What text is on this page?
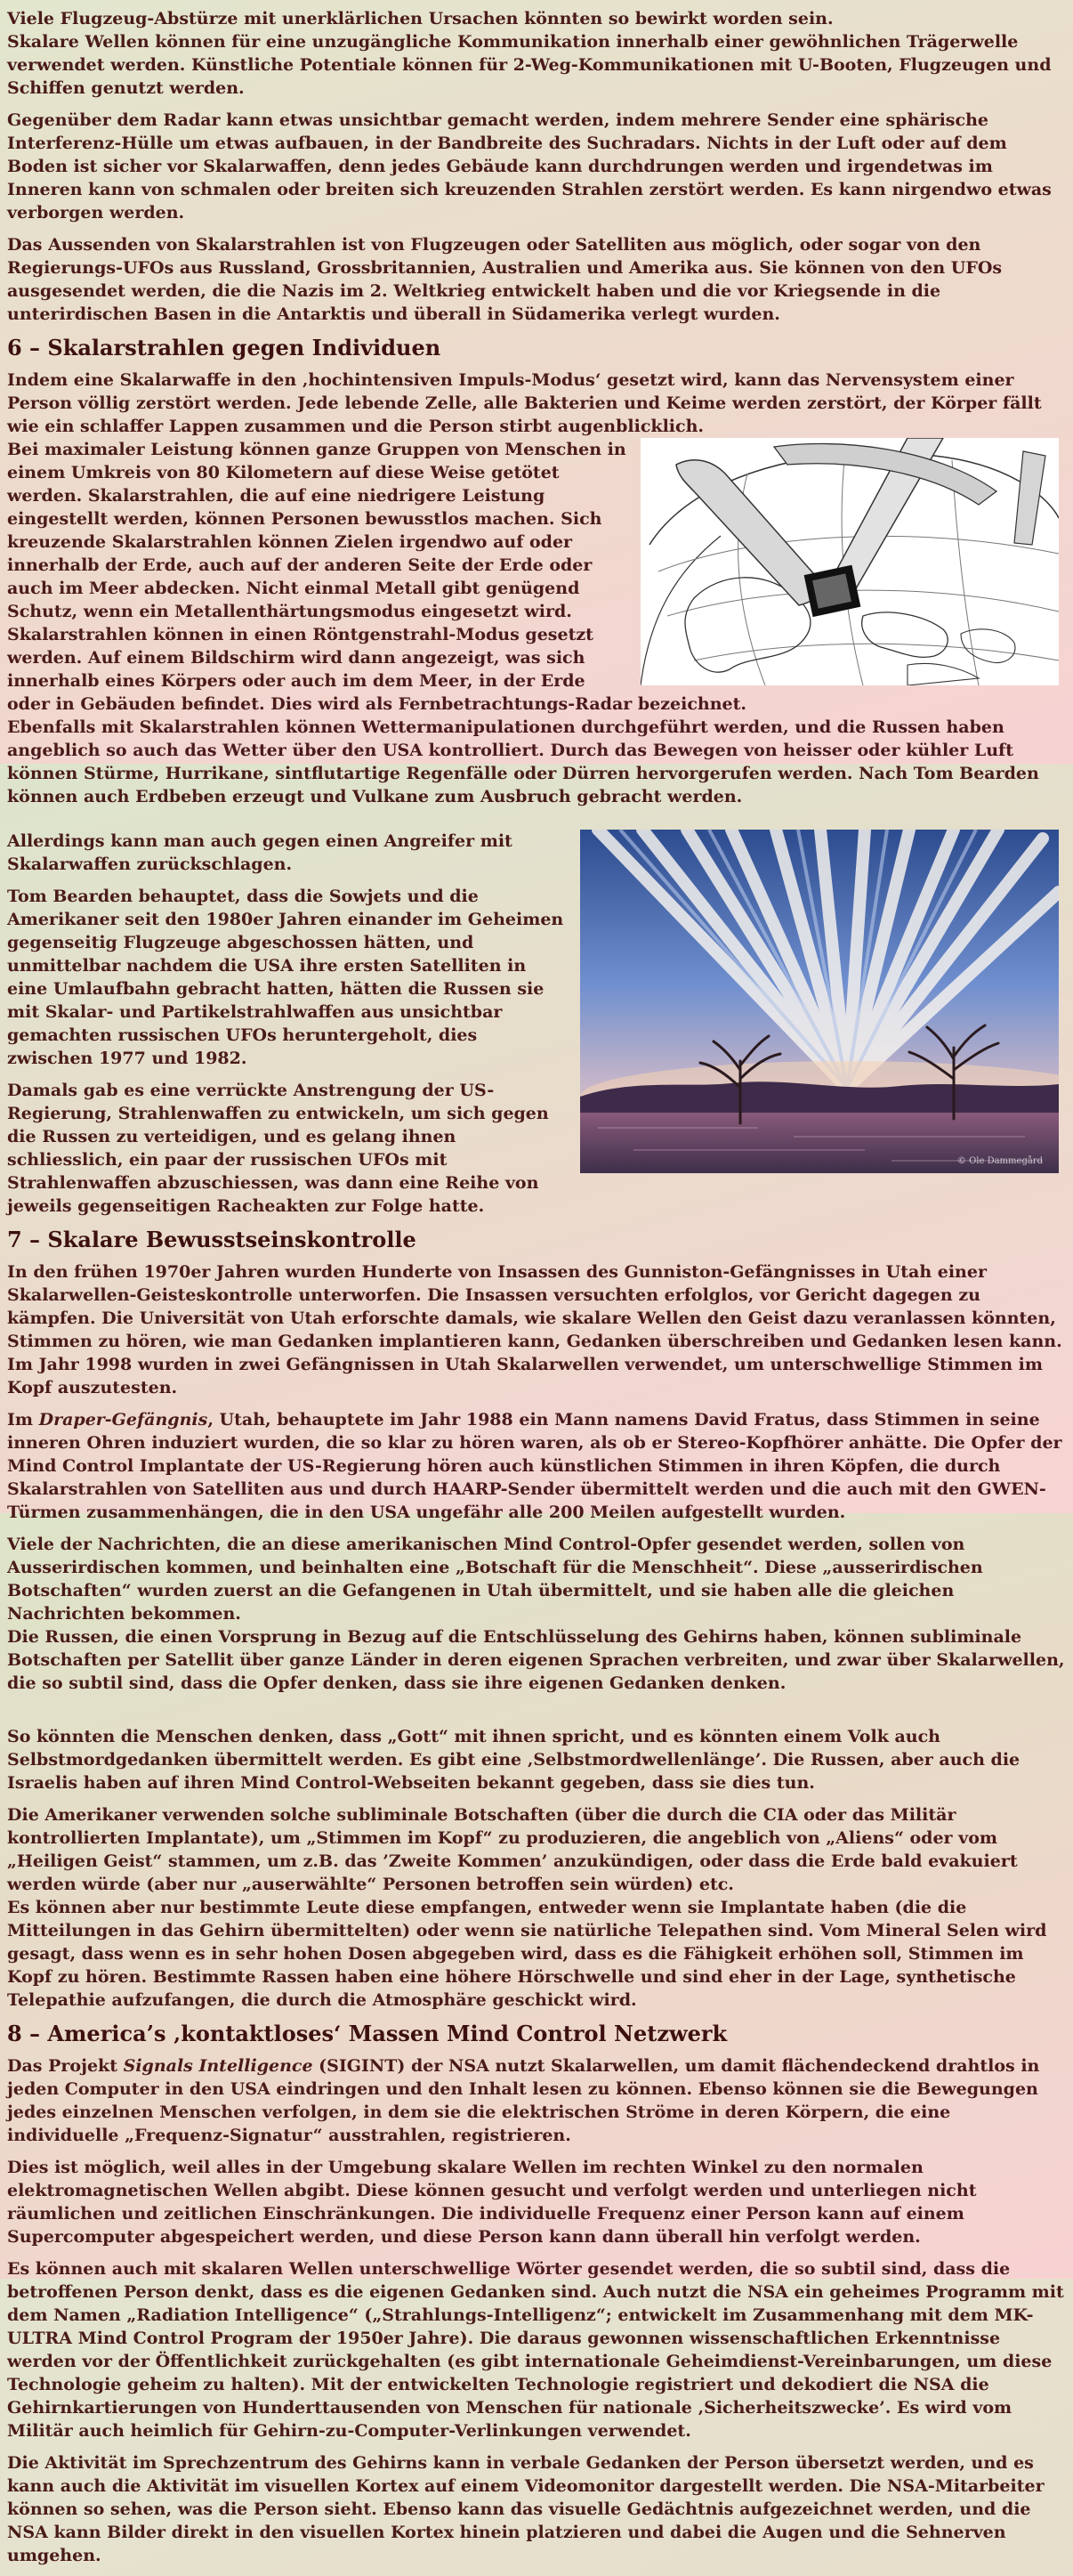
Viele Flugzeug-Abstürze mit unerklärlichen Ursachen könnten so bewirkt worden sein.

Skalare Wellen können für eine unzugängliche Kommunikation innerhalb einer gewöhnlichen Trägerwelle verwendet werden. Künstliche Potentiale können für 2-Weg-Kommunikationen mit U-Booten, Flugzeugen und Schiffen genutzt werden.

Gegenüber dem Radar kann etwas unsichtbar gemacht werden, indem mehrere Sender eine sphärische Interferenz-Hülle um etwas aufbauen, in der Bandbreite des Suchradars. Nichts in der Luft oder auf dem Boden ist sicher vor Skalarwaffen, denn jedes Gebäude kann durchdrungen werden und irgendetwas im Inneren kann von schmalen oder breiten sich kreuzenden Strahlen zerstört werden. Es kann nirgendwo etwas verborgen werden.

Das Aussenden von Skalarstrahlen ist von Flugzeugen oder Satelliten aus möglich, oder sogar von den Regierungs-UFOs aus Russland, Grossbritannien, Australien und Amerika aus. Sie können von den UFOs ausgesendet werden, die die Nazis im 2. Weltkrieg entwickelt haben und die vor Kriegsende in die unterirdischen Basen in die Antarktis und überall in Südamerika verlegt wurden.

6 – Skalarstrahlen gegen Individuen

Indem eine Skalarwaffe in den ‚hochintensiven Impuls-Modus‘ gesetzt wird, kann das Nervensystem einer Person völlig zerstört werden. Jede lebende Zelle, alle Bakterien und Keime werden zerstört, der Körper fällt wie ein schlaffer Lappen zusammen und die Person stirbt augenblicklich.

Bei maximaler Leistung können ganze Gruppen von Menschen in einem Umkreis von 80 Kilometern auf diese Weise getötet werden. Skalarstrahlen, die auf eine niedrigere Leistung eingestellt werden, können Personen bewusstlos machen. Sich kreuzende Skalarstrahlen können Zielen irgendwo auf oder innerhalb der Erde, auch auf der anderen Seite der Erde oder auch im Meer abdecken. Nicht einmal Metall gibt genügend Schutz, wenn ein Metallenthärtungsmodus eingesetzt wird. Skalarstrahlen können in einen Röntgenstrahl-Modus gesetzt werden. Auf einem Bildschirm wird dann angezeigt, was sich innerhalb eines Körpers oder auch im dem Meer, in der Erde oder in Gebäuden befindet. Dies wird als Fernbetrachtungs-Radar bezeichnet.

Ebenfalls mit Skalarstrahlen können Wettermanipulationen durchgeführt werden, und die Russen haben angeblich so auch das Wetter über den USA kontrolliert. Durch das Bewegen von heisser oder kühler Luft können Stürme, Hurrikane, sintflutartige Regenfälle oder Dürren hervorgerufen werden. Nach Tom Bearden können auch Erdbeben erzeugt und Vulkane zum Ausbruch gebracht werden.

© Ole Dammegård

Allerdings kann man auch gegen einen Angreifer mit Skalarwaffen zurückschlagen.

Tom Bearden behauptet, dass die Sowjets und die Amerikaner seit den 1980er Jahren einander im Geheimen gegenseitig Flugzeuge abgeschossen hätten, und unmittelbar nachdem die USA ihre ersten Satelliten in eine Umlaufbahn gebracht hatten, hätten die Russen sie mit Skalar- und Partikelstrahlwaffen aus unsichtbar gemachten russischen UFOs heruntergeholt, dies zwischen 1977 und 1982.

Damals gab es eine verrückte Anstrengung der US-Regierung, Strahlenwaffen zu entwickeln, um sich gegen die Russen zu verteidigen, und es gelang ihnen schliesslich, ein paar der russischen UFOs mit Strahlenwaffen abzuschiessen, was dann eine Reihe von jeweils gegenseitigen Racheakten zur Folge hatte.

7 – Skalare Bewusstseinskontrolle

In den frühen 1970er Jahren wurden Hunderte von Insassen des Gunniston-Gefängnisses in Utah einer Skalarwellen-Geisteskontrolle unterworfen. Die Insassen versuchten erfolglos, vor Gericht dagegen zu kämpfen. Die Universität von Utah erforschte damals, wie skalare Wellen den Geist dazu veranlassen könnten, Stimmen zu hören, wie man Gedanken implantieren kann, Gedanken überschreiben und Gedanken lesen kann. Im Jahr 1998 wurden in zwei Gefängnissen in Utah Skalarwellen verwendet, um unterschwellige Stimmen im Kopf auszutesten.

Im Draper-Gefängnis, Utah, behauptete im Jahr 1988 ein Mann namens David Fratus, dass Stimmen in seine inneren Ohren induziert wurden, die so klar zu hören waren, als ob er Stereo-Kopfhörer anhätte. Die Opfer der Mind Control Implantate der US-Regierung hören auch künstlichen Stimmen in ihren Köpfen, die durch Skalarstrahlen von Satelliten aus und durch HAARP-Sender übermittelt werden und die auch mit den GWEN-Türmen zusammenhängen, die in den USA ungefähr alle 200 Meilen aufgestellt wurden.

Viele der Nachrichten, die an diese amerikanischen Mind Control-Opfer gesendet werden, sollen von Ausserirdischen kommen, und beinhalten eine „Botschaft für die Menschheit“. Diese „ausserirdischen Botschaften“ wurden zuerst an die Gefangenen in Utah übermittelt, und sie haben alle die gleichen Nachrichten bekommen.

Die Russen, die einen Vorsprung in Bezug auf die Entschlüsselung des Gehirns haben, können subliminale Botschaften per Satellit über ganze Länder in deren eigenen Sprachen verbreiten, und zwar über Skalarwellen, die so subtil sind, dass die Opfer denken, dass sie ihre eigenen Gedanken denken.

So könnten die Menschen denken, dass „Gott“ mit ihnen spricht, und es könnten einem Volk auch Selbstmordgedanken übermittelt werden. Es gibt eine ‚Selbstmordwellenlänge’. Die Russen, aber auch die Israelis haben auf ihren Mind Control-Webseiten bekannt gegeben, dass sie dies tun.

Die Amerikaner verwenden solche subliminale Botschaften (über die durch die CIA oder das Militär kontrollierten Implantate), um „Stimmen im Kopf“ zu produzieren, die angeblich von „Aliens“ oder vom „Heiligen Geist“ stammen, um z.B. das ’Zweite Kommen’ anzukündigen, oder dass die Erde bald evakuiert werden würde (aber nur „auserwählte“ Personen betroffen sein würden) etc.

Es können aber nur bestimmte Leute diese empfangen, entweder wenn sie Implantate haben (die die Mitteilungen in das Gehirn übermittelten) oder wenn sie natürliche Telepathen sind. Vom Mineral Selen wird gesagt, dass wenn es in sehr hohen Dosen abgegeben wird, dass es die Fähigkeit erhöhen soll, Stimmen im Kopf zu hören. Bestimmte Rassen haben eine höhere Hörschwelle und sind eher in der Lage, synthetische Telepathie aufzufangen, die durch die Atmosphäre geschickt wird.

8 – America’s ‚kontaktloses‘ Massen Mind Control Netzwerk

Das Projekt Signals Intelligence (SIGINT) der NSA nutzt Skalarwellen, um damit flächendeckend drahtlos in jeden Computer in den USA eindringen und den Inhalt lesen zu können. Ebenso können sie die Bewegungen jedes einzelnen Menschen verfolgen, in dem sie die elektrischen Ströme in deren Körpern, die eine individuelle „Frequenz-Signatur“ ausstrahlen, registrieren.

Dies ist möglich, weil alles in der Umgebung skalare Wellen im rechten Winkel zu den normalen elektromagnetischen Wellen abgibt. Diese können gesucht und verfolgt werden und unterliegen nicht räumlichen und zeitlichen Einschränkungen. Die individuelle Frequenz einer Person kann auf einem Supercomputer abgespeichert werden, und diese Person kann dann überall hin verfolgt werden.

Es können auch mit skalaren Wellen unterschwellige Wörter gesendet werden, die so subtil sind, dass die betroffenen Person denkt, dass es die eigenen Gedanken sind. Auch nutzt die NSA ein geheimes Programm mit dem Namen „Radiation Intelligence“ („Strahlungs-Intelligenz“; entwickelt im Zusammenhang mit dem MK-ULTRA Mind Control Program der 1950er Jahre). Die daraus gewonnen wissenschaftlichen Erkenntnisse werden vor der Öffentlichkeit zurückgehalten (es gibt internationale Geheimdienst-Vereinbarungen, um diese Technologie geheim zu halten). Mit der entwickelten Technologie registriert und dekodiert die NSA die Gehirnkartierungen von Hunderttausenden von Menschen für nationale ‚Sicherheitszwecke’. Es wird vom Militär auch heimlich für Gehirn-zu-Computer-Verlinkungen verwendet.

Die Aktivität im Sprechzentrum des Gehirns kann in verbale Gedanken der Person übersetzt werden, und es kann auch die Aktivität im visuellen Kortex auf einem Videomonitor dargestellt werden. Die NSA-Mitarbeiter können so sehen, was die Person sieht. Ebenso kann das visuelle Gedächtnis aufgezeichnet werden, und die NSA kann Bilder direkt in den visuellen Kortex hinein platzieren und dabei die Augen und die Sehnerven umgehen.
